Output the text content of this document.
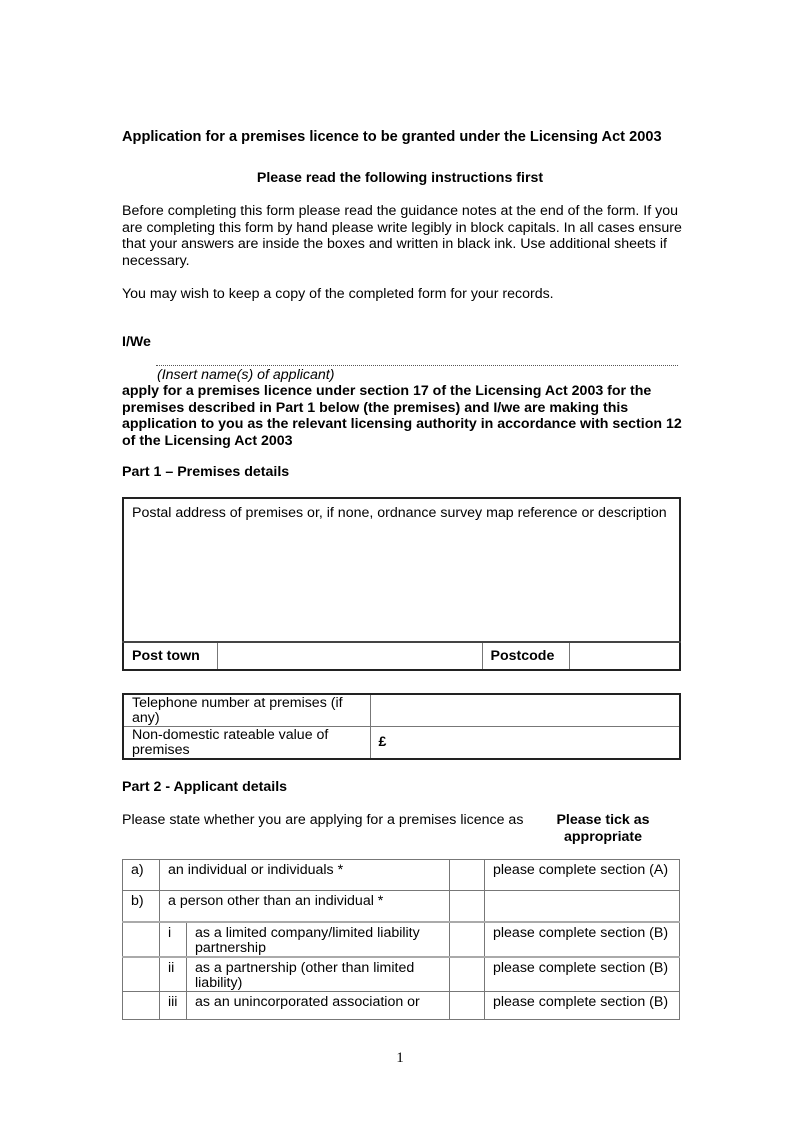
Application for a premises licence to be granted under the Licensing Act 2003
Please read the following instructions first
Before completing this form please read the guidance notes at the end of the form. If you are completing this form by hand please write legibly in block capitals. In all cases ensure that your answers are inside the boxes and written in black ink. Use additional sheets if necessary.
You may wish to keep a copy of the completed form for your records.
I/We
(Insert name(s) of applicant)
apply for a premises licence under section 17 of the Licensing Act 2003 for the premises described in Part 1 below (the premises) and I/we are making this application to you as the relevant licensing authority in accordance with section 12 of the Licensing Act 2003
Part 1 – Premises details
Postal address of premises or, if none, ordnance survey map reference or description

Post town		Postcode	
Telephone number at premises (if any)	
Non-domestic rateable value of premises	£
Part 2 - Applicant details
Please state whether you are applying for a premises licence as	Please tick as appropriate
a)	an individual or individuals *			please complete section (A)
b)	a person other than an individual *			
	i	as a limited company/limited liability partnership		please complete section (B)
	ii	as a partnership (other than limited liability)		please complete section (B)
	iii	as an unincorporated association or		please complete section (B)
1
